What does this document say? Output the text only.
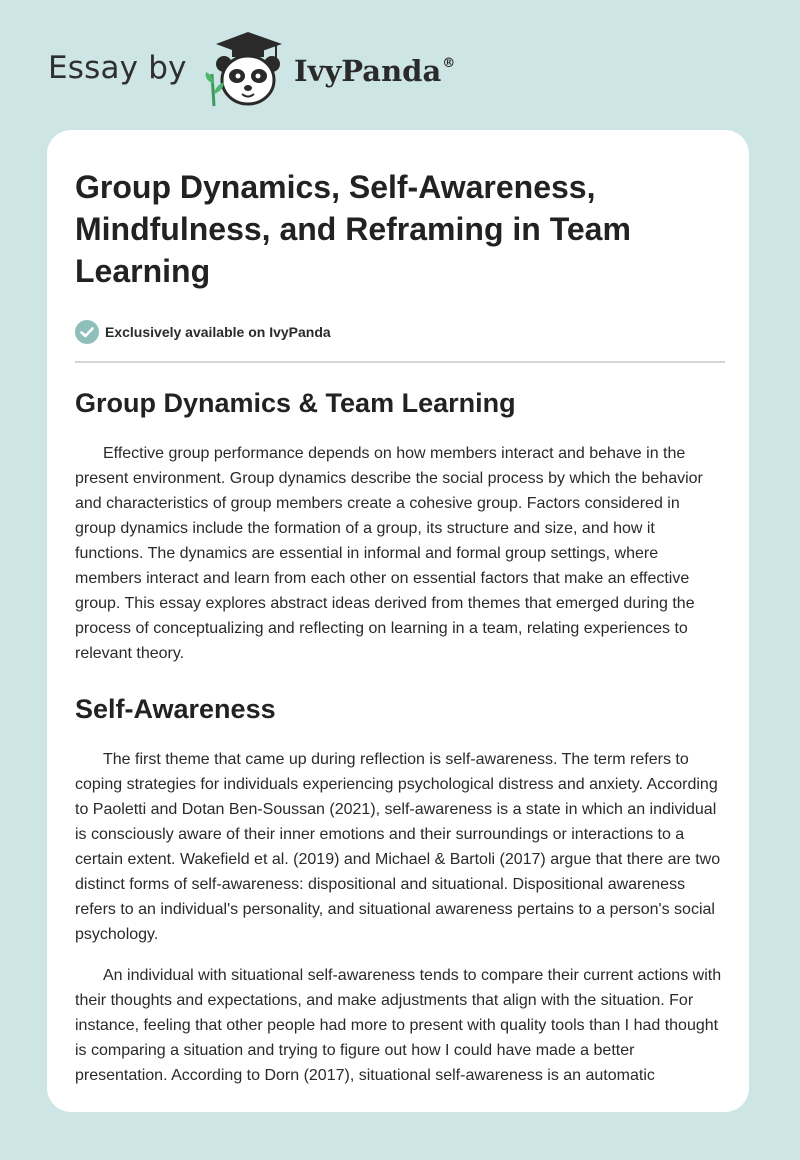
Essay by	IvyPanda®
Group Dynamics, Self-Awareness, Mindfulness, and Reframing in Team Learning
Exclusively available on IvyPanda
Group Dynamics & Team Learning

Effective group performance depends on how members interact and behave in the present environment. Group dynamics describe the social process by which the behavior and characteristics of group members create a cohesive group. Factors considered in group dynamics include the formation of a group, its structure and size, and how it functions. The dynamics are essential in informal and formal group settings, where members interact and learn from each other on essential factors that make an effective group. This essay explores abstract ideas derived from themes that emerged during the process of conceptualizing and reflecting on learning in a team, relating experiences to relevant theory.

Self-Awareness

The first theme that came up during reflection is self-awareness. The term refers to coping strategies for individuals experiencing psychological distress and anxiety. According to Paoletti and Dotan Ben-Soussan (2021), self-awareness is a state in which an individual is consciously aware of their inner emotions and their surroundings or interactions to a certain extent. Wakefield et al. (2019) and Michael & Bartoli (2017) argue that there are two distinct forms of self-awareness: dispositional and situational. Dispositional awareness refers to an individual's personality, and situational awareness pertains to a person's social psychology.

An individual with situational self-awareness tends to compare their current actions with their thoughts and expectations, and make adjustments that align with the situation. For instance, feeling that other people had more to present with quality tools than I had thought is comparing a situation and trying to figure out how I could have made a better presentation. According to Dorn (2017), situational self-awareness is an automatic
